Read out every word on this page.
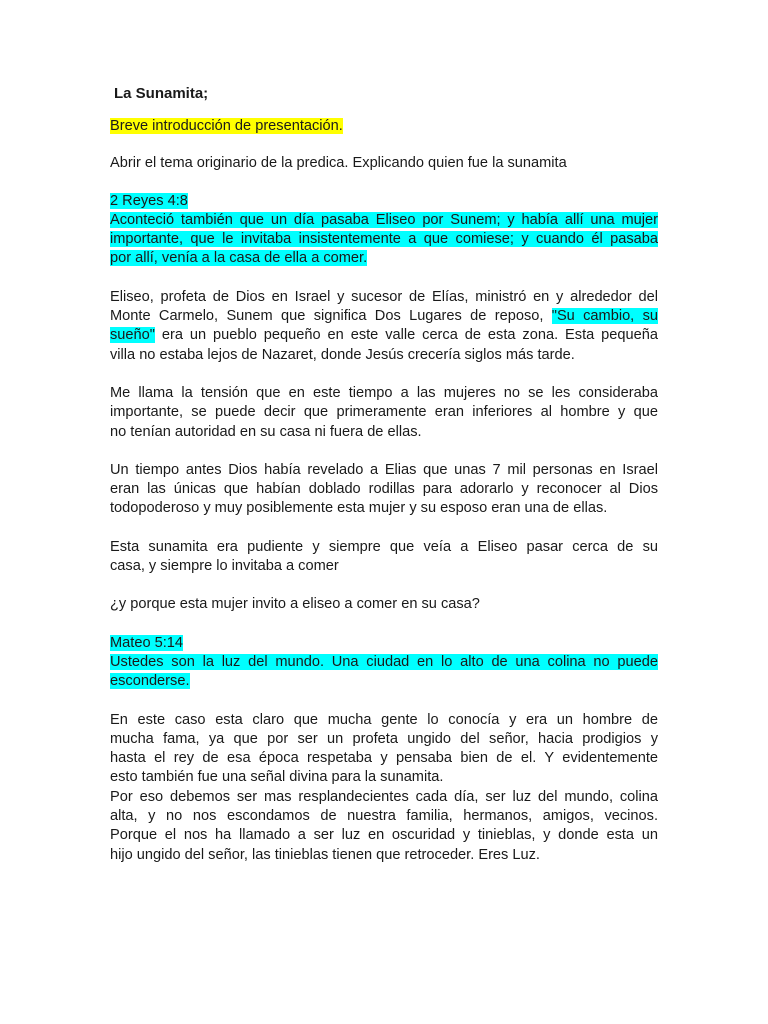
La Sunamita;
Breve introducción de presentación.
Abrir el tema originario de la predica. Explicando quien fue la sunamita
2 Reyes 4:8
Aconteció también que un día pasaba Eliseo por Sunem; y había allí una mujer
importante, que le invitaba insistentemente a que comiese; y cuando él pasaba
por allí, venía a la casa de ella a comer.
Eliseo, profeta de Dios en Israel y sucesor de Elías, ministró en y alrededor del
Monte Carmelo, Sunem que significa Dos Lugares de reposo, "Su cambio, su
sueño" era un pueblo pequeño en este valle cerca de esta zona. Esta pequeña
villa no estaba lejos de Nazaret, donde Jesús crecería siglos más tarde.
Me llama la tensión que en este tiempo a las mujeres no se les consideraba
importante, se puede decir que primeramente eran inferiores al hombre y que
no tenían autoridad en su casa ni fuera de ellas.
Un tiempo antes Dios había revelado a Elias que unas 7 mil personas en Israel
eran las únicas que habían doblado rodillas para adorarlo y reconocer al Dios
todopoderoso y muy posiblemente esta mujer y su esposo eran una de ellas.
Esta sunamita era pudiente y siempre que veía a Eliseo pasar cerca de su
casa, y siempre lo invitaba a comer
¿y porque esta mujer invito a eliseo a comer en su casa?
Mateo 5:14
Ustedes son la luz del mundo. Una ciudad en lo alto de una colina no puede
esconderse.
En este caso esta claro que mucha gente lo conocía y era un hombre de
mucha fama, ya que por ser un profeta ungido del señor, hacia prodigios y
hasta el rey de esa época respetaba y pensaba bien de el. Y evidentemente
esto también fue una señal divina para la sunamita.
Por eso debemos ser mas resplandecientes cada día, ser luz del mundo, colina
alta, y no nos escondamos de nuestra familia, hermanos, amigos, vecinos.
Porque el nos ha llamado a ser luz en oscuridad y tinieblas, y donde esta un
hijo ungido del señor, las tinieblas tienen que retroceder. Eres Luz.
